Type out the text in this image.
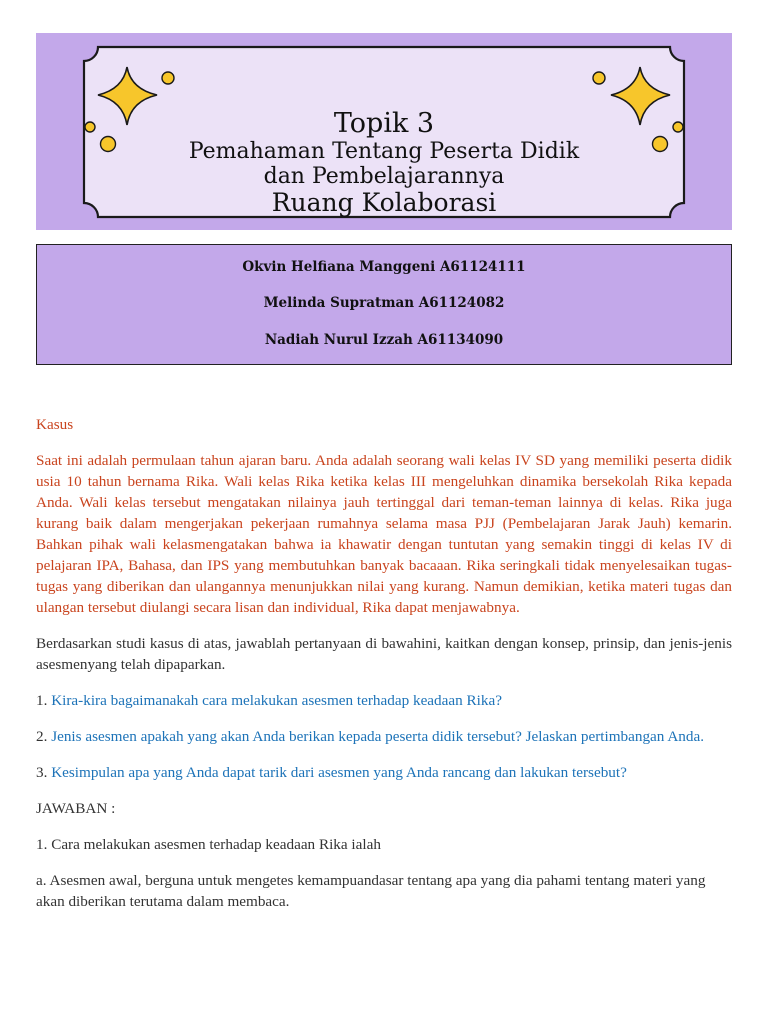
Topik 3
Pemahaman Tentang Peserta Didik
dan Pembelajarannya
Ruang Kolaborasi

Okvin Helfiana Manggeni A61124111

Melinda Supratman A61124082

Nadiah Nurul Izzah A61134090

Kasus

Saat ini adalah permulaan tahun ajaran baru. Anda adalah seorang wali kelas IV SD yang memiliki peserta didik usia 10 tahun bernama Rika. Wali kelas Rika ketika kelas III mengeluhkan dinamika bersekolah Rika kepada Anda. Wali kelas tersebut mengatakan nilainya jauh tertinggal dari teman-teman lainnya di kelas. Rika juga kurang baik dalam mengerjakan pekerjaan rumahnya selama masa PJJ (Pembelajaran Jarak Jauh) kemarin. Bahkan pihak wali kelasmengatakan bahwa ia khawatir dengan tuntutan yang semakin tinggi di kelas IV di pelajaran IPA, Bahasa, dan IPS yang membutuhkan banyak bacaaan. Rika seringkali tidak menyelesaikan tugas-tugas yang diberikan dan ulangannya menunjukkan nilai yang kurang. Namun demikian, ketika materi tugas dan ulangan tersebut diulangi secara lisan dan individual, Rika dapat menjawabnya.

Berdasarkan studi kasus di atas, jawablah pertanyaan di bawahini, kaitkan dengan konsep, prinsip, dan jenis-jenis asesmenyang telah dipaparkan.

1. Kira-kira bagaimanakah cara melakukan asesmen terhadap keadaan Rika?

2. Jenis asesmen apakah yang akan Anda berikan kepada peserta didik tersebut? Jelaskan pertimbangan Anda.

3. Kesimpulan apa yang Anda dapat tarik dari asesmen yang Anda rancang dan lakukan tersebut?

JAWABAN :

1. Cara melakukan asesmen terhadap keadaan Rika ialah

a. Asesmen awal, berguna untuk mengetes kemampuandasar tentang apa yang dia pahami tentang materi yang akan diberikan terutama dalam membaca.
